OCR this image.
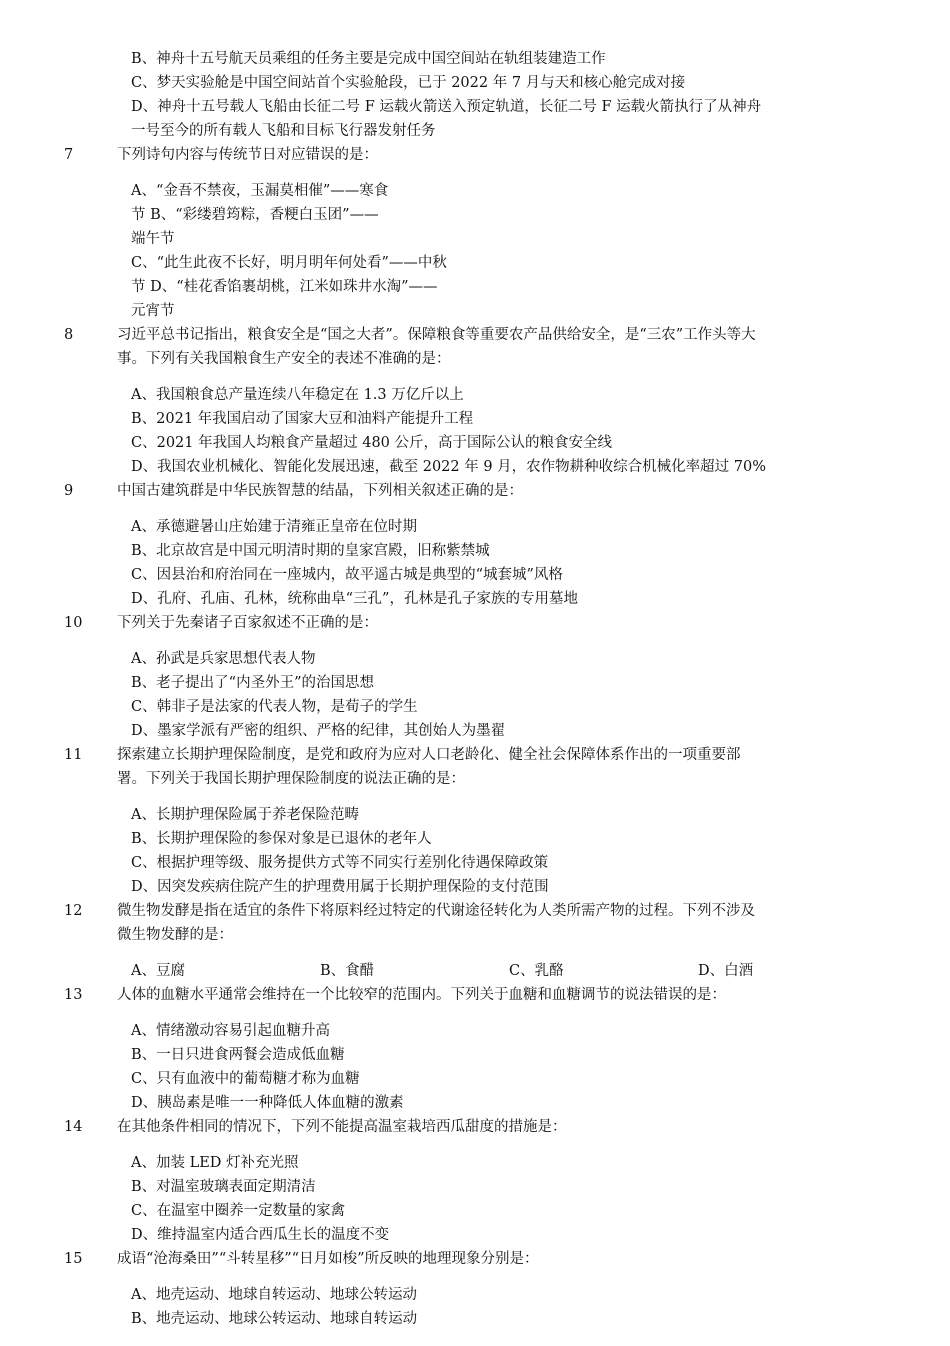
B、神舟十五号航天员乘组的任务主要是完成中国空间站在轨组装建造工作
C、梦天实验舱是中国空间站首个实验舱段，已于 2022 年 7 月与天和核心舱完成对接
D、神舟十五号载人飞船由长征二号 F 运载火箭送入预定轨道，长征二号 F 运载火箭执行了从神舟
一号至今的所有载人飞船和目标飞行器发射任务
7	下列诗句内容与传统节日对应错误的是：
A、“金吾不禁夜，玉漏莫相催”——寒食
节 B、“彩缕碧筠粽，香粳白玉团”——
端午节
C、“此生此夜不长好，明月明年何处看”——中秋
节 D、“桂花香馅裹胡桃，江米如珠井水淘”——
元宵节
8	习近平总书记指出，粮食安全是“国之大者”。保障粮食等重要农产品供给安全，是“三农”工作头等大
事。下列有关我国粮食生产安全的表述不准确的是：
A、我国粮食总产量连续八年稳定在 1.3 万亿斤以上
B、2021 年我国启动了国家大豆和油料产能提升工程
C、2021 年我国人均粮食产量超过 480 公斤，高于国际公认的粮食安全线
D、我国农业机械化、智能化发展迅速，截至 2022 年 9 月，农作物耕种收综合机械化率超过 70%
9	中国古建筑群是中华民族智慧的结晶，下列相关叙述正确的是：
A、承德避暑山庄始建于清雍正皇帝在位时期
B、北京故宫是中国元明清时期的皇家宫殿，旧称紫禁城
C、因县治和府治同在一座城内，故平遥古城是典型的“城套城”风格
D、孔府、孔庙、孔林，统称曲阜“三孔”，孔林是孔子家族的专用墓地
10 下列关于先秦诸子百家叙述不正确的是：
A、孙武是兵家思想代表人物
B、老子提出了“内圣外王”的治国思想
C、韩非子是法家的代表人物，是荀子的学生
D、墨家学派有严密的组织、严格的纪律，其创始人为墨翟
11 探索建立长期护理保险制度，是党和政府为应对人口老龄化、健全社会保障体系作出的一项重要部
署。下列关于我国长期护理保险制度的说法正确的是：
A、长期护理保险属于养老保险范畴
B、长期护理保险的参保对象是已退休的老年人
C、根据护理等级、服务提供方式等不同实行差别化待遇保障政策
D、因突发疾病住院产生的护理费用属于长期护理保险的支付范围
12 微生物发酵是指在适宜的条件下将原料经过特定的代谢途径转化为人类所需产物的过程。下列不涉及
微生物发酵的是：
A、豆腐	B、食醋	C、乳酪	D、白酒
13 人体的血糖水平通常会维持在一个比较窄的范围内。下列关于血糖和血糖调节的说法错误的是：
A、情绪激动容易引起血糖升高
B、一日只进食两餐会造成低血糖
C、只有血液中的葡萄糖才称为血糖
D、胰岛素是唯一一种降低人体血糖的激素
14 在其他条件相同的情况下，下列不能提高温室栽培西瓜甜度的措施是：
A、加装 LED 灯补充光照
B、对温室玻璃表面定期清洁
C、在温室中圈养一定数量的家禽
D、维持温室内适合西瓜生长的温度不变
15 成语“沧海桑田”“斗转星移”“日月如梭”所反映的地理现象分别是：
A、地壳运动、地球自转运动、地球公转运动
B、地壳运动、地球公转运动、地球自转运动
